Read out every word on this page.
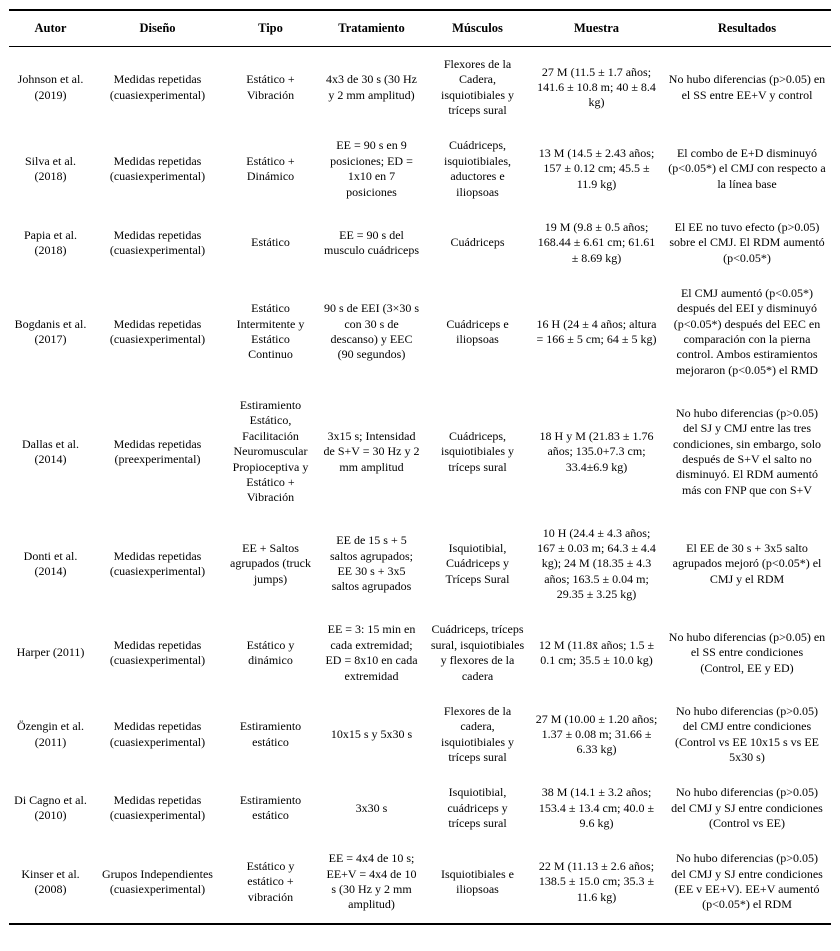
Autor	Diseño	Tipo	Tratamiento	Músculos	Muestra	Resultados
Johnson et al. (2019)	Medidas repetidas (cuasiexperimental)	Estático + Vibración	4x3 de 30 s (30 Hz y 2 mm amplitud)	Flexores de la Cadera, isquiotibiales y tríceps sural	27 M (11.5 ± 1.7 años; 141.6 ± 10.8 m; 40 ± 8.4 kg)	No hubo diferencias (p>0.05) en el SS entre EE+V y control
Silva et al. (2018)	Medidas repetidas (cuasiexperimental)	Estático + Dinámico	EE = 90 s en 9 posiciones; ED = 1x10 en 7 posiciones	Cuádriceps, isquiotibiales, aductores e iliopsoas	13 M (14.5 ± 2.43 años; 157 ± 0.12 cm; 45.5 ± 11.9 kg)	El combo de E+D disminuyó (p<0.05*) el CMJ con respecto a la línea base
Papia et al. (2018)	Medidas repetidas (cuasiexperimental)	Estático	EE = 90 s del musculo cuádriceps	Cuádriceps	19 M (9.8 ± 0.5 años; 168.44 ± 6.61 cm; 61.61 ± 8.69 kg)	El EE no tuvo efecto (p>0.05) sobre el CMJ. El RDM aumentó (p<0.05*)
Bogdanis et al. (2017)	Medidas repetidas (cuasiexperimental)	Estático Intermitente y Estático Continuo	90 s de EEI (3×30 s con 30 s de descanso) y EEC (90 segundos)	Cuádriceps e iliopsoas	16 H (24 ± 4 años; altura = 166 ± 5 cm; 64 ± 5 kg)	El CMJ aumentó (p<0.05*) después del EEI y disminuyó (p<0.05*) después del EEC en comparación con la pierna control. Ambos estiramientos mejoraron (p<0.05*) el RMD
Dallas et al. (2014)	Medidas repetidas (preexperimental)	Estiramiento Estático, Facilitación Neuromuscular Propioceptiva y Estático + Vibración	3x15 s; Intensidad de S+V = 30 Hz y 2 mm amplitud	Cuádriceps, isquiotibiales y tríceps sural	18 H y M (21.83 ± 1.76 años; 135.0+7.3 cm; 33.4±6.9 kg)	No hubo diferencias (p>0.05) del SJ y CMJ entre las tres condiciones, sin embargo, solo después de S+V el salto no disminuyó. El RDM aumentó más con FNP que con S+V
Donti et al. (2014)	Medidas repetidas (cuasiexperimental)	EE + Saltos agrupados (truck jumps)	EE de 15 s + 5 saltos agrupados; EE 30 s + 3x5 saltos agrupados	Isquiotibial, Cuádriceps y Tríceps Sural	10 H (24.4 ± 4.3 años; 167 ± 0.03 m; 64.3 ± 4.4 kg); 24 M (18.35 ± 4.3 años; 163.5 ± 0.04 m; 29.35 ± 3.25 kg)	El EE de 30 s + 3x5 salto agrupados mejoró (p<0.05*) el CMJ y el RDM
Harper (2011)	Medidas repetidas (cuasiexperimental)	Estático y dinámico	EE = 3: 15 min en cada extremidad; ED = 8x10 en cada extremidad	Cuádriceps, tríceps sural, isquiotibiales y flexores de la cadera	12 M (11.8x̄ años; 1.5 ± 0.1 cm; 35.5 ± 10.0 kg)	No hubo diferencias (p>0.05) en el SS entre condiciones (Control, EE y ED)
Özengin et al. (2011)	Medidas repetidas (cuasiexperimental)	Estiramiento estático	10x15 s y 5x30 s	Flexores de la cadera, isquiotibiales y tríceps sural	27 M (10.00 ± 1.20 años; 1.37 ± 0.08 m; 31.66 ± 6.33 kg)	No hubo diferencias (p>0.05) del CMJ entre condiciones (Control vs EE 10x15 s vs EE 5x30 s)
Di Cagno et al. (2010)	Medidas repetidas (cuasiexperimental)	Estiramiento estático	3x30 s	Isquiotibial, cuádriceps y tríceps sural	38 M (14.1 ± 3.2 años; 153.4 ± 13.4 cm; 40.0 ± 9.6 kg)	No hubo diferencias (p>0.05) del CMJ y SJ entre condiciones (Control vs EE)
Kinser et al. (2008)	Grupos Independientes (cuasiexperimental)	Estático y estático + vibración	EE = 4x4 de 10 s; EE+V = 4x4 de 10 s (30 Hz y 2 mm amplitud)	Isquiotibiales e iliopsoas	22 M (11.13 ± 2.6 años; 138.5 ± 15.0 cm; 35.3 ± 11.6 kg)	No hubo diferencias (p>0.05) del CMJ y SJ entre condiciones (EE v EE+V). EE+V aumentó (p<0.05*) el RDM
